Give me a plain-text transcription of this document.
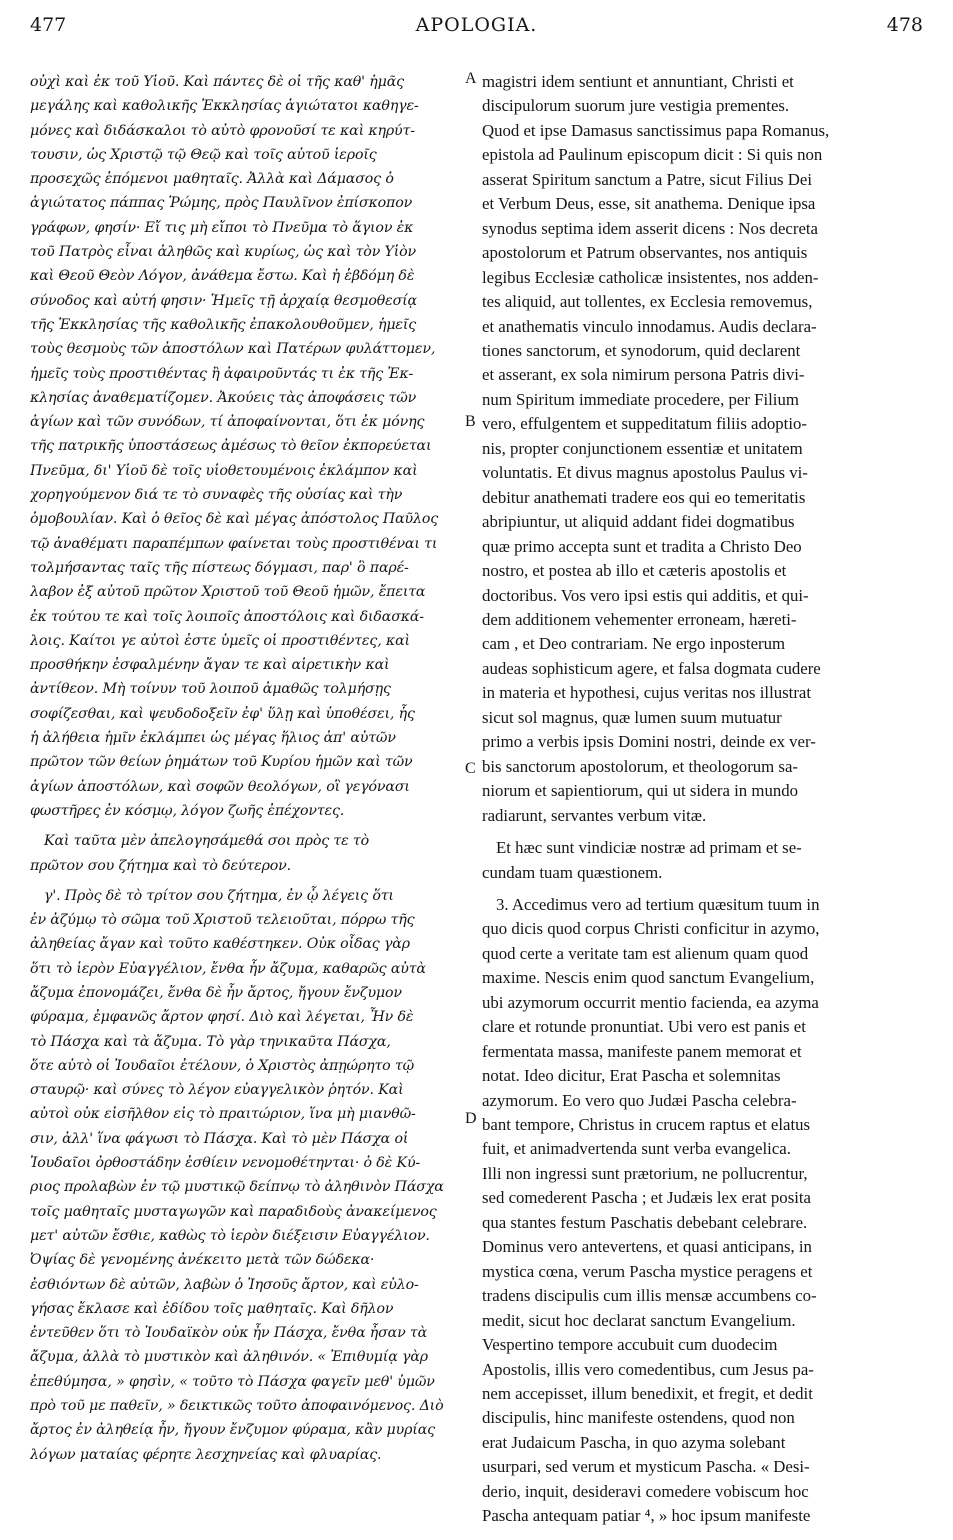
477	APOLOGIA.	478
οὐχὶ καὶ ἐκ τοῦ Υἱοῦ. Καὶ πάντες δὲ οἱ τῆς καθ' ἡμᾶς
μεγάλης καὶ καθολικῆς Ἐκκλησίας ἁγιώτατοι καθηγε-
μόνες καὶ διδάσκαλοι τὸ αὐτὸ φρονοῦσί τε καὶ κηρύτ-
τουσιν, ὡς Χριστῷ τῷ Θεῷ καὶ τοῖς αὐτοῦ ἱεροῖς
προσεχῶς ἑπόμενοι μαθηταῖς. Ἀλλὰ καὶ Δάμασος ὁ
ἁγιώτατος πάππας Ῥώμης, πρὸς Παυλῖνον ἐπίσκοπον
γράφων, φησίν· Εἴ τις μὴ εἴποι τὸ Πνεῦμα τὸ ἅγιον ἐκ
τοῦ Πατρὸς εἶναι ἀληθῶς καὶ κυρίως, ὡς καὶ τὸν Υἱὸν
καὶ Θεοῦ Θεὸν Λόγον, ἀνάθεμα ἔστω. Καὶ ἡ ἑβδόμη δὲ
σύνοδος καὶ αὐτή φησιν· Ἡμεῖς τῇ ἀρχαίᾳ θεσμοθεσίᾳ
τῆς Ἐκκλησίας τῆς καθολικῆς ἐπακολουθοῦμεν, ἡμεῖς
τοὺς θεσμοὺς τῶν ἀποστόλων καὶ Πατέρων φυλάττομεν,
ἡμεῖς τοὺς προστιθέντας ἢ ἀφαιροῦντάς τι ἐκ τῆς Ἐκ-
κλησίας ἀναθεματίζομεν. Ἀκούεις τὰς ἀποφάσεις τῶν
ἁγίων καὶ τῶν συνόδων, τί ἀποφαίνονται, ὅτι ἐκ μόνης
τῆς πατρικῆς ὑποστάσεως ἀμέσως τὸ θεῖον ἐκπορεύεται
Πνεῦμα, δι' Υἱοῦ δὲ τοῖς υἱοθετουμένοις ἐκλάμπον καὶ
χορηγούμενον διά τε τὸ συναφὲς τῆς οὐσίας καὶ τὴν
ὁμοβουλίαν. Καὶ ὁ θεῖος δὲ καὶ μέγας ἀπόστολος Παῦλος
τῷ ἀναθέματι παραπέμπων φαίνεται τοὺς προστιθέναι τι
τολμήσαντας ταῖς τῆς πίστεως δόγμασι, παρ' ὃ παρέ-
λαβον ἐξ αὐτοῦ πρῶτον Χριστοῦ τοῦ Θεοῦ ἡμῶν, ἔπειτα
ἐκ τούτου τε καὶ τοῖς λοιποῖς ἀποστόλοις καὶ διδασκά-
λοις. Καίτοι γε αὐτοὶ ἐστε ὑμεῖς οἱ προστιθέντες, καὶ
προσθήκην ἐσφαλμένην ἄγαν τε καὶ αἱρετικὴν καὶ
ἀντίθεον. Μὴ τοίνυν τοῦ λοιποῦ ἀμαθῶς τολμήσῃς
σοφίζεσθαι, καὶ ψευδοδοξεῖν ἐφ' ὕλῃ καὶ ὑποθέσει, ἧς
ἡ ἀλήθεια ἡμῖν ἐκλάμπει ὡς μέγας ἥλιος ἀπ' αὐτῶν
πρῶτον τῶν θείων ῥημάτων τοῦ Κυρίου ἡμῶν καὶ τῶν
ἁγίων ἀποστόλων, καὶ σοφῶν θεολόγων, οἳ γεγόνασι
φωστῆρες ἐν κόσμῳ, λόγον ζωῆς ἐπέχοντες.
Καὶ ταῦτα μὲν ἀπελογησάμεθά σοι πρὸς τε τὸ
πρῶτον σου ζήτημα καὶ τὸ δεύτερον.
γ'. Πρὸς δὲ τὸ τρίτον σου ζήτημα, ἐν ᾧ λέγεις ὅτι
ἐν ἀζύμῳ τὸ σῶμα τοῦ Χριστοῦ τελειοῦται, πόρρω τῆς
ἀληθείας ἄγαν καὶ τοῦτο καθέστηκεν. Οὐκ οἶδας γὰρ
ὅτι τὸ ἱερὸν Εὐαγγέλιον, ἔνθα ἦν ἄζυμα, καθαρῶς αὐτὰ
ἄζυμα ἐπονομάζει, ἔνθα δὲ ἦν ἄρτος, ἤγουν ἔνζυμον
φύραμα, ἐμφανῶς ἄρτον φησί. Διὸ καὶ λέγεται, Ἦν δὲ
τὸ Πάσχα καὶ τὰ ἄζυμα. Τὸ γὰρ τηνικαῦτα Πάσχα,
ὅτε αὐτὸ οἱ Ἰουδαῖοι ἐτέλουν, ὁ Χριστὸς ἀπῃώρητο τῷ
σταυρῷ· καὶ σύνες τὸ λέγον εὐαγγελικὸν ῥητόν. Καὶ
αὐτοὶ οὐκ εἰσῆλθον εἰς τὸ πραιτώριον, ἵνα μὴ μιανθῶ-
σιν, ἀλλ' ἵνα φάγωσι τὸ Πάσχα. Καὶ τὸ μὲν Πάσχα οἱ
Ἰουδαῖοι ὀρθοστάδην ἐσθίειν νενομοθέτηνται· ὁ δὲ Κύ-
ριος προλαβὼν ἐν τῷ μυστικῷ δείπνῳ τὸ ἀληθινὸν Πάσχα
τοῖς μαθηταῖς μυσταγωγῶν καὶ παραδιδοὺς ἀνακείμενος
μετ' αὐτῶν ἔσθιε, καθὼς τὸ ἱερὸν διέξεισιν Εὐαγγέλιον.
Ὀψίας δὲ γενομένης ἀνέκειτο μετὰ τῶν δώδεκα·
ἐσθιόντων δὲ αὐτῶν, λαβὼν ὁ Ἰησοῦς ἄρτον, καὶ εὐλο-
γήσας ἔκλασε καὶ ἐδίδου τοῖς μαθηταῖς. Καὶ δῆλον
ἐντεῦθεν ὅτι τὸ Ἰουδαϊκὸν οὐκ ἦν Πάσχα, ἔνθα ἦσαν τὰ
ἄζυμα, ἀλλὰ τὸ μυστικὸν καὶ ἀληθινόν. « Ἐπιθυμίᾳ γὰρ
ἐπεθύμησα, » φησὶν, « τοῦτο τὸ Πάσχα φαγεῖν μεθ' ὑμῶν
πρὸ τοῦ με παθεῖν, » δεικτικῶς τοῦτο ἀποφαινόμενος. Διὸ
ἄρτος ἐν ἀληθείᾳ ἦν, ἤγουν ἔνζυμον φύραμα, κἂν μυρίας
λόγων ματαίας φέρητε λεσχηνείας καὶ φλυαρίας.
magistri idem sentiunt et annuntiant, Christi et
discipulorum suorum jure vestigia prementes.
Quod et ipse Damasus sanctissimus papa Romanus,
epistola ad Paulinum episcopum dicit : Si quis non
asserat Spiritum sanctum a Patre, sicut Filius Dei
et Verbum Deus, esse, sit anathema. Denique ipsa
synodus septima idem asserit dicens : Nos decreta
apostolorum et Patrum observantes, nos antiquis
legibus Ecclesiæ catholicæ insistentes, nos adden-
tes aliquid, aut tollentes, ex Ecclesia removemus,
et anathematis vinculo innodamus. Audis declara-
tiones sanctorum, et synodorum, quid declarent
et asserant, ex sola nimirum persona Patris divi-
num Spiritum immediate procedere, per Filium
vero, effulgentem et suppeditatum filiis adoptio-
nis, propter conjunctionem essentiæ et unitatem
voluntatis. Et divus magnus apostolus Paulus vi-
debitur anathemati tradere eos qui eo temeritatis
abripiuntur, ut aliquid addant fidei dogmatibus
quæ primo accepta sunt et tradita a Christo Deo
nostro, et postea ab illo et cæteris apostolis et
doctoribus. Vos vero ipsi estis qui additis, et qui-
dem additionem vehementer erroneam, hæreti-
cam , et Deo contrariam. Ne ergo inposterum
audeas sophisticum agere, et falsa dogmata cudere
in materia et hypothesi, cujus veritas nos illustrat
sicut sol magnus, quæ lumen suum mutuatur
primo a verbis ipsis Domini nostri, deinde ex ver-
bis sanctorum apostolorum, et theologorum sa-
niorum et sapientiorum, qui ut sidera in mundo
radiarunt, servantes verbum vitæ.
Et hæc sunt vindiciæ nostræ ad primam et se-
cundam tuam quæstionem.
3. Accedimus vero ad tertium quæsitum tuum in
quo dicis quod corpus Christi conficitur in azymo,
quod certe a veritate tam est alienum quam quod
maxime. Nescis enim quod sanctum Evangelium,
ubi azymorum occurrit mentio facienda, ea azyma
clare et rotunde pronuntiat. Ubi vero est panis et
fermentata massa, manifeste panem memorat et
notat. Ideo dicitur, Erat Pascha et solemnitas
azymorum. Eo vero quo Judæi Pascha celebra-
bant tempore, Christus in crucem raptus et elatus
fuit, et animadvertenda sunt verba evangelica.
Illi non ingressi sunt prætorium, ne pollucrentur,
sed comederent Pascha ; et Judæis lex erat posita
qua stantes festum Paschatis debebant celebrare.
Dominus vero antevertens, et quasi anticipans, in
mystica cœna, verum Pascha mystice peragens et
tradens discipulis cum illis mensæ accumbens co-
medit, sicut hoc declarat sanctum Evangelium.
Vespertino tempore accubuit cum duodecim
Apostolis, illis vero comedentibus, cum Jesus pa-
nem accepisset, illum benedixit, et fregit, et dedit
discipulis, hinc manifeste ostendens, quod non
erat Judaicum Pascha, in quo azyma solebant
usurpari, sed verum et mysticum Pascha. « Desi-
derio, inquit, desideravi comedere vobiscum hoc
Pascha antequam patiar ⁴, » hoc ipsum manifeste
A
B
C
D
